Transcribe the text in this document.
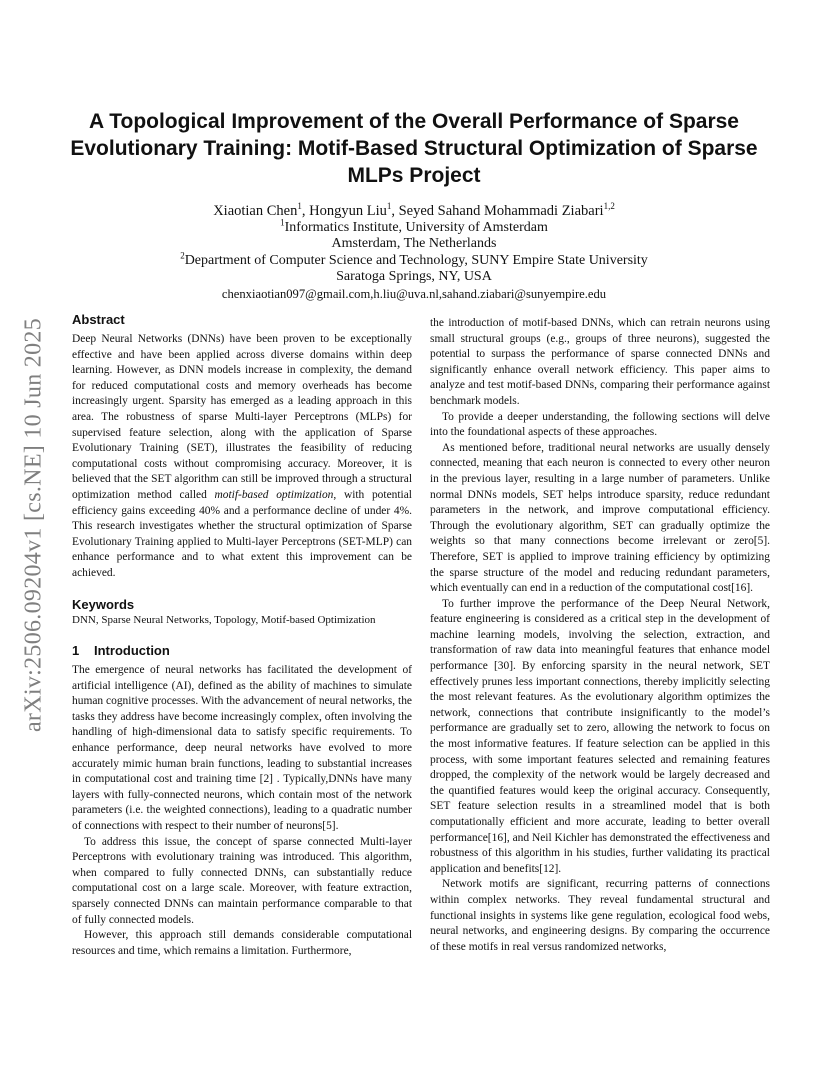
arXiv:2506.09204v1 [cs.NE] 10 Jun 2025
A Topological Improvement of the Overall Performance of Sparse Evolutionary Training: Motif-Based Structural Optimization of Sparse MLPs Project
Xiaotian Chen$^1$, Hongyun Liu$^1$, Seyed Sahand Mohammadi Ziabari$^{1,2}$
$^1$Informatics Institute, University of Amsterdam
Amsterdam, The Netherlands
$^2$Department of Computer Science and Technology, SUNY Empire State University
Saratoga Springs, NY, USA
chenxiaotian097@gmail.com,h.liu@uva.nl,sahand.ziabari@sunyempire.edu
Abstract

Deep Neural Networks (DNNs) have been proven to be exceptionally effective and have been applied across diverse domains within deep learning. However, as DNN models increase in complexity, the demand for reduced computational costs and memory overheads has become increasingly urgent. Sparsity has emerged as a leading approach in this area. The robustness of sparse Multi-layer Perceptrons (MLPs) for supervised feature selection, along with the application of Sparse Evolutionary Training (SET), illustrates the feasibility of reducing computational costs without compromising accuracy. Moreover, it is believed that the SET algorithm can still be improved through a structural optimization method called motif-based optimization, with potential efficiency gains exceeding 40% and a performance decline of under 4%. This research investigates whether the structural optimization of Sparse Evolutionary Training applied to Multi-layer Perceptrons (SET-MLP) can enhance performance and to what extent this improvement can be achieved.

Keywords

DNN, Sparse Neural Networks, Topology, Motif-based Optimization

1 Introduction

The emergence of neural networks has facilitated the development of artificial intelligence (AI), defined as the ability of machines to simulate human cognitive processes. With the advancement of neural networks, the tasks they address have become increasingly complex, often involving the handling of high-dimensional data to satisfy specific requirements. To enhance performance, deep neural networks have evolved to more accurately mimic human brain functions, leading to substantial increases in computational cost and training time [2] . Typically,DNNs have many layers with fully-connected neurons, which contain most of the network parameters (i.e. the weighted connections), leading to a quadratic number of connections with respect to their number of neurons[5].

To address this issue, the concept of sparse connected Multi-layer Perceptrons with evolutionary training was introduced. This algorithm, when compared to fully connected DNNs, can substantially reduce computational cost on a large scale. Moreover, with feature extraction, sparsely connected DNNs can maintain performance comparable to that of fully connected models.

However, this approach still demands considerable computational resources and time, which remains a limitation. Furthermore,

the introduction of motif-based DNNs, which can retrain neurons using small structural groups (e.g., groups of three neurons), suggested the potential to surpass the performance of sparse connected DNNs and significantly enhance overall network efficiency. This paper aims to analyze and test motif-based DNNs, comparing their performance against benchmark models.

To provide a deeper understanding, the following sections will delve into the foundational aspects of these approaches.

As mentioned before, traditional neural networks are usually densely connected, meaning that each neuron is connected to every other neuron in the previous layer, resulting in a large number of parameters. Unlike normal DNNs models, SET helps introduce sparsity, reduce redundant parameters in the network, and improve computational efficiency. Through the evolutionary algorithm, SET can gradually optimize the weights so that many connections become irrelevant or zero[5]. Therefore, SET is applied to improve training efficiency by optimizing the sparse structure of the model and reducing redundant parameters, which eventually can end in a reduction of the computational cost[16].

To further improve the performance of the Deep Neural Network, feature engineering is considered as a critical step in the development of machine learning models, involving the selection, extraction, and transformation of raw data into meaningful features that enhance model performance [30]. By enforcing sparsity in the neural network, SET effectively prunes less important connections, thereby implicitly selecting the most relevant features. As the evolutionary algorithm optimizes the network, connections that contribute insignificantly to the model’s performance are gradually set to zero, allowing the network to focus on the most informative features. If feature selection can be applied in this process, with some important features selected and remaining features dropped, the complexity of the network would be largely decreased and the quantified features would keep the original accuracy. Consequently, SET feature selection results in a streamlined model that is both computationally efficient and more accurate, leading to better overall performance[16], and Neil Kichler has demonstrated the effectiveness and robustness of this algorithm in his studies, further validating its practical application and benefits[12].

Network motifs are significant, recurring patterns of connections within complex networks. They reveal fundamental structural and functional insights in systems like gene regulation, ecological food webs, neural networks, and engineering designs. By comparing the occurrence of these motifs in real versus randomized networks,
